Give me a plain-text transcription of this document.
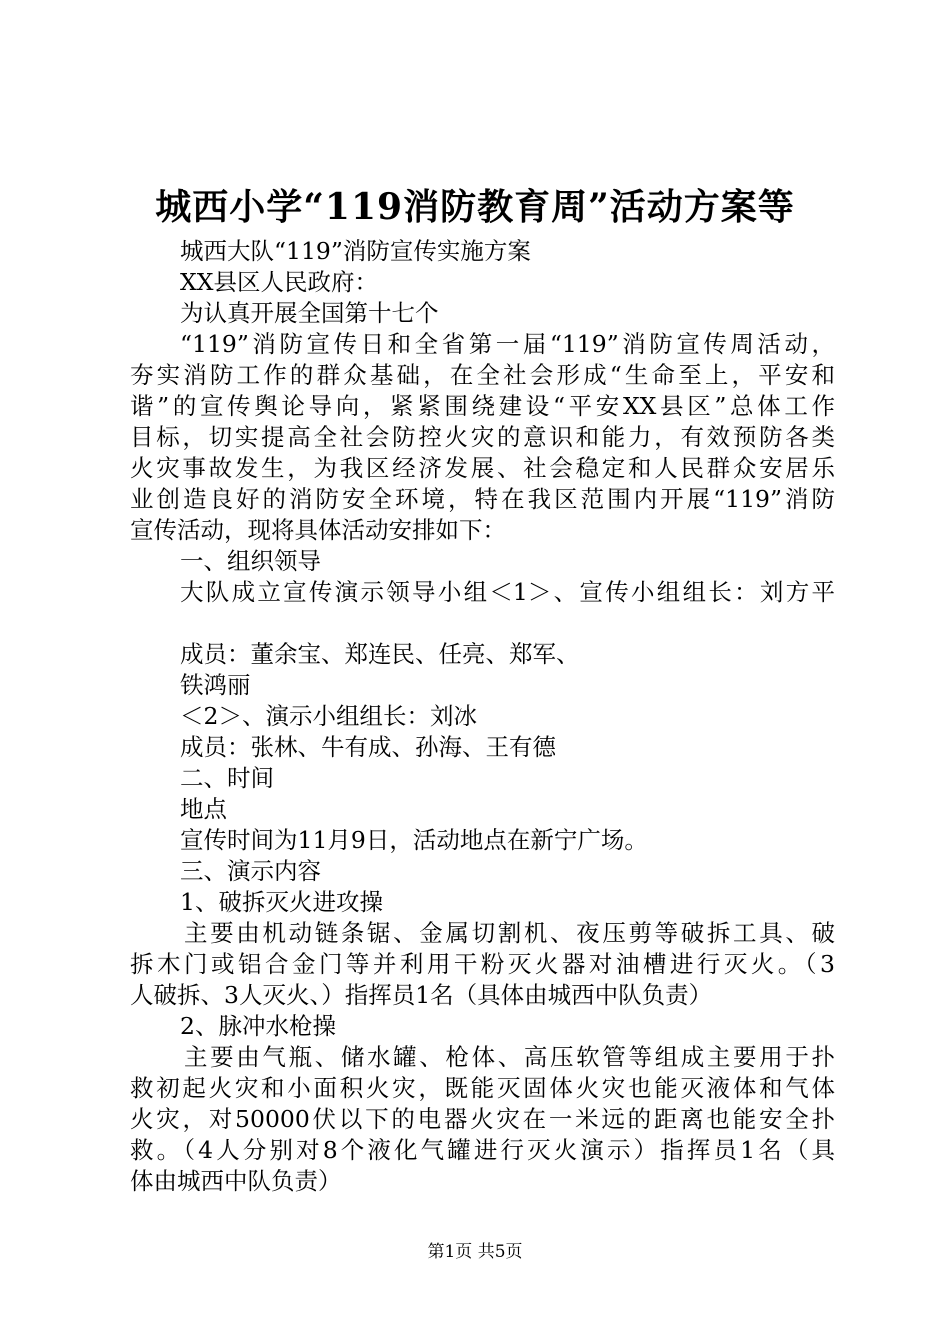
城西小学“119消防教育周”活动方案等
城西大队“119”消防宣传实施方案
XX县区人民政府：
为认真开展全国第十七个
“119”消防宣传日和全省第一届“119”消防宣传周活动，
夯实消防工作的群众基础，在全社会形成“生命至上，平安和
谐”的宣传舆论导向，紧紧围绕建设“平安XX县区”总体工作
目标，切实提高全社会防控火灾的意识和能力，有效预防各类
火灾事故发生，为我区经济发展、社会稳定和人民群众安居乐
业创造良好的消防安全环境，特在我区范围内开展“119”消防
宣传活动，现将具体活动安排如下：
一、组织领导
大队成立宣传演示领导小组＜1＞、宣传小组组长：刘方平
成员：董余宝、郑连民、任亮、郑军、
铁鸿丽
＜2＞、演示小组组长：刘冰
成员：张林、牛有成、孙海、王有德
二、时间
地点
宣传时间为11月9日，活动地点在新宁广场。
三、演示内容
1、破拆灭火进攻操
主要由机动链条锯、金属切割机、夜压剪等破拆工具、破
拆木门或铝合金门等并利用干粉灭火器对油槽进行灭火。（3
人破拆、3人灭火、）指挥员1名（具体由城西中队负责）
2、脉冲水枪操
主要由气瓶、储水罐、枪体、高压软管等组成主要用于扑
救初起火灾和小面积火灾，既能灭固体火灾也能灭液体和气体
火灾，对50000伏以下的电器火灾在一米远的距离也能安全扑
救。（4人分别对8个液化气罐进行灭火演示）指挥员1名（具
体由城西中队负责）
第1页 共5页
